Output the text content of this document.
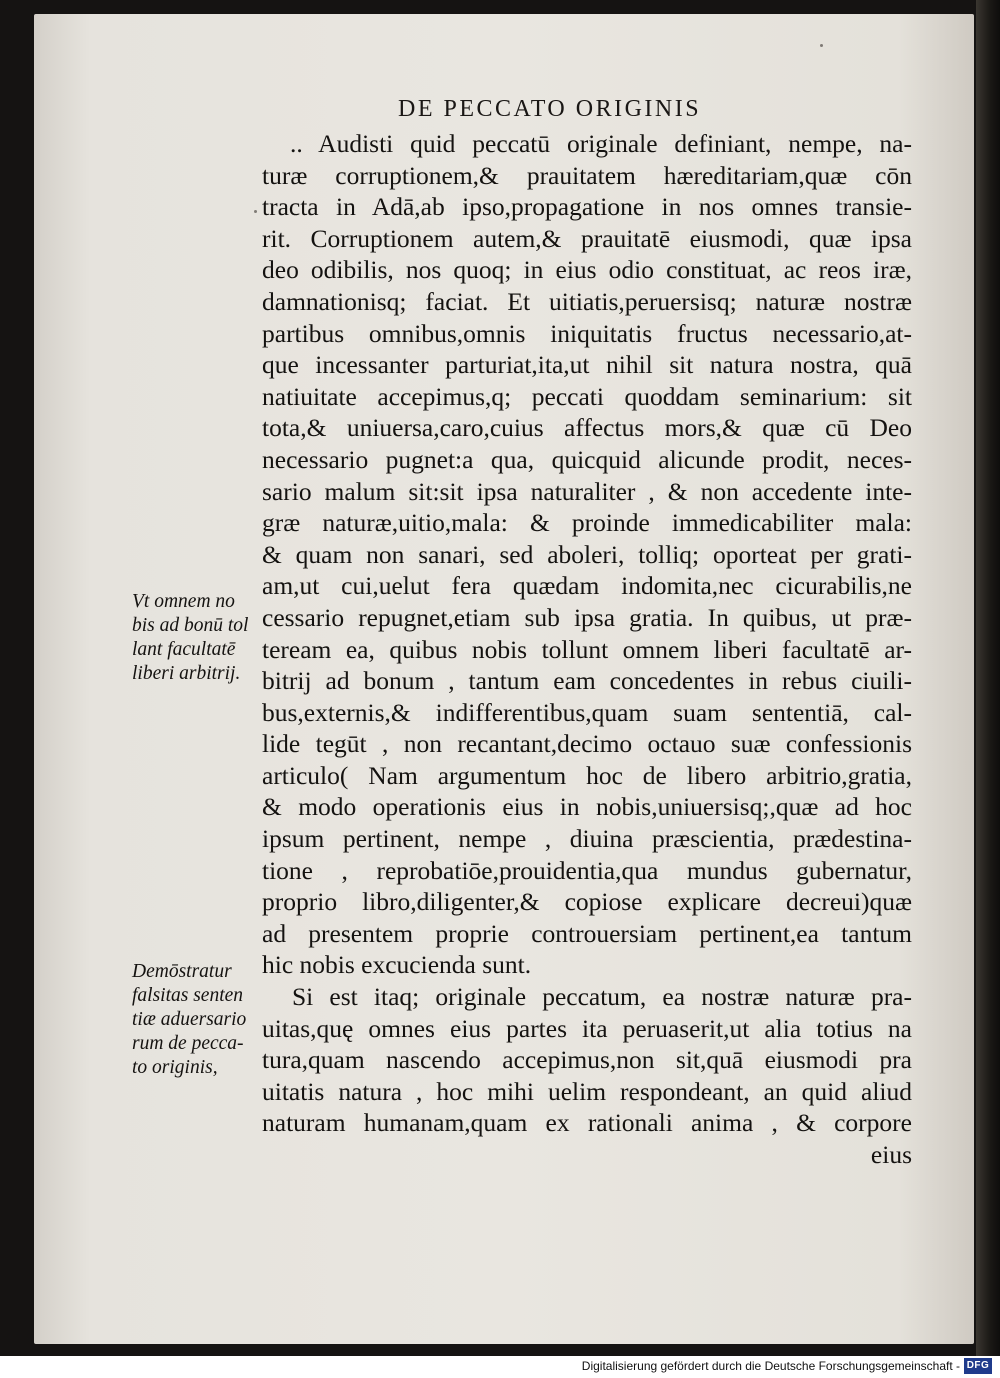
DE PECCATO ORIGINIS
.. Audisti quid peccatū originale definiant, nempe, na-
turæ corruptionem,& prauitatem hæreditariam,quæ cōn
tracta in Adā,ab ipso,propagatione in nos omnes transie-
rit. Corruptionem autem,& prauitatē eiusmodi, quæ ipsa
deo odibilis, nos quoq; in eius odio constituat, ac reos iræ,
damnationisq; faciat. Et uitiatis,peruersisq; naturæ nostræ
partibus omnibus,omnis iniquitatis fructus necessario,at-
que incessanter parturiat,ita,ut nihil sit natura nostra, quā
natiuitate accepimus,q; peccati quoddam seminarium: sit
tota,& uniuersa,caro,cuius affectus mors,& quæ cū Deo
necessario pugnet:a qua, quicquid alicunde prodit, neces-
sario malum sit:sit ipsa naturaliter , & non accedente inte-
græ naturæ,uitio,mala: & proinde immedicabiliter mala:
& quam non sanari, sed aboleri, tolliq; oporteat per grati-
am,ut cui,uelut fera quædam indomita,nec cicurabilis,ne
cessario repugnet,etiam sub ipsa gratia. In quibus, ut præ-
teream ea, quibus nobis tollunt omnem liberi facultatē ar-
bitrij ad bonum , tantum eam concedentes in rebus ciuili-
bus,externis,& indifferentibus,quam suam sententiā, cal-
lide tegūt , non recantant,decimo octauo suæ confessionis
articulo( Nam argumentum hoc de libero arbitrio,gratia,
& modo operationis eius in nobis,uniuersisq;,quæ ad hoc
ipsum pertinent, nempe , diuina præscientia, prædestina-
tione , reprobatiōe,prouidentia,qua mundus gubernatur,
proprio libro,diligenter,& copiose explicare decreui)quæ
ad presentem proprie controuersiam pertinent,ea tantum
hic nobis excucienda sunt.
Si est itaq; originale peccatum, ea nostræ naturæ pra-
uitas,quę omnes eius partes ita peruaserit,ut alia totius na
tura,quam nascendo accepimus,non sit,quā eiusmodi pra
uitatis natura , hoc mihi uelim respondeant, an quid aliud
naturam humanam,quam ex rationali anima , & corpore
eius
Vt omnem no
bis ad bonū tol
lant facultatē
liberi arbitrij.
Demōstratur
falsitas senten
tiæ aduersario
rum de pecca-
to originis,
Digitalisierung gefördert durch die Deutsche Forschungsgemeinschaft - DFG
